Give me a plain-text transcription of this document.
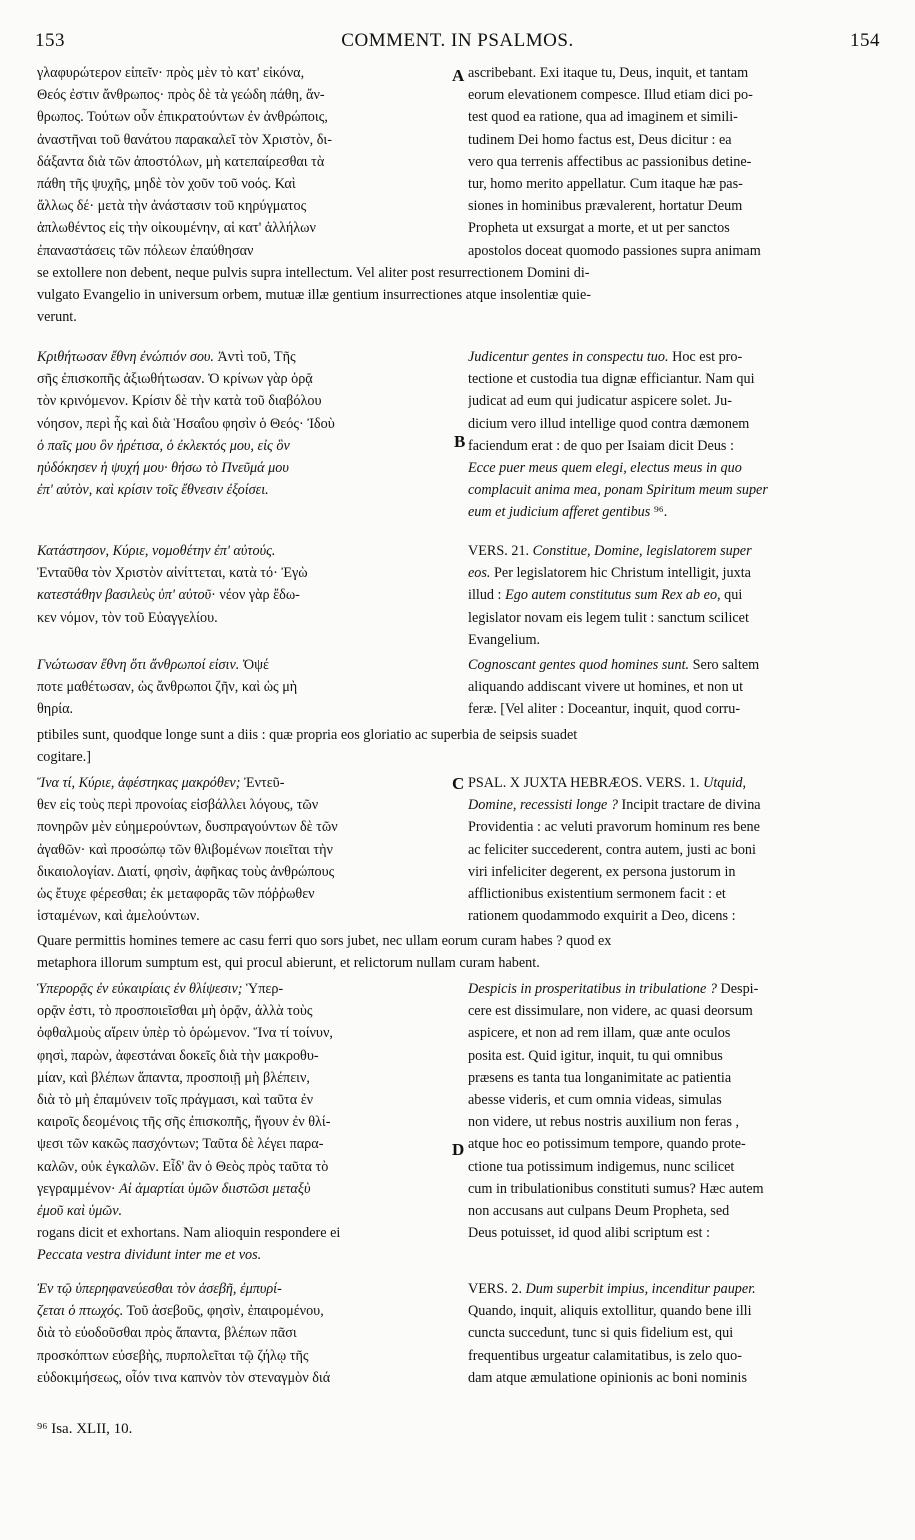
153	COMMENT. IN PSALMOS.	154
A
B
C
D
γλαφυρώτερον εἰπεῖν· πρὸς μὲν τὸ κατ' εἰκόνα,
Θεός ἐστιν ἄνθρωπος· πρὸς δὲ τὰ γεώδη πάθη, ἄν-
θρωπος. Τούτων οὖν ἐπικρατούντων ἐν ἀνθρώποις,
ἀναστῆναι τοῦ θανάτου παρακαλεῖ τὸν Χριστὸν, δι-
δάξαντα διὰ τῶν ἀποστόλων, μὴ κατεπαίρεσθαι τὰ
πάθη τῆς ψυχῆς, μηδὲ τὸν χοῦν τοῦ νοός. Καὶ
ἄλλως δέ· μετὰ τὴν ἀνάστασιν τοῦ κηρύγματος
ἁπλωθέντος εἰς τὴν οἰκουμένην, αἱ κατ' ἀλλήλων
ἐπαναστάσεις τῶν πόλεων ἐπαύθησαν
ascribebant. Exi itaque tu, Deus, inquit, et tantam
eorum elevationem compesce. Illud etiam dici po-
test quod ea ratione, qua ad imaginem et simili-
tudinem Dei homo factus est, Deus dicitur : ea
vero qua terrenis affectibus ac passionibus detine-
tur, homo merito appellatur. Cum itaque hæ pas-
siones in hominibus prævalerent, hortatur Deum
Propheta ut exsurgat a morte, et ut per sanctos
apostolos doceat quomodo passiones supra animam
se extollere non debent, neque pulvis supra intellectum. Vel aliter post resurrectionem Domini di-
vulgato Evangelio in universum orbem, mutuæ illæ gentium insurrectiones atque insolentiæ quie-
verunt.
Κριθήτωσαν ἔθνη ἐνώπιόν σου. Ἀντὶ τοῦ, Τῆς
σῆς ἐπισκοπῆς ἀξιωθήτωσαν. Ὁ κρίνων γὰρ ὁρᾷ
τὸν κρινόμενον. Κρίσιν δὲ τὴν κατὰ τοῦ διαβόλου
νόησον, περὶ ἧς καὶ διὰ Ἡσαΐου φησὶν ὁ Θεός· Ἰδοὺ
ὁ παῖς μου ὃν ἡρέτισα, ὁ ἐκλεκτός μου, εἰς ὃν
ηὐδόκησεν ἡ ψυχή μου· θήσω τὸ Πνεῦμά μου
ἐπ' αὐτὸν, καὶ κρίσιν τοῖς ἔθνεσιν ἐξοίσει.
Judicentur gentes in conspectu tuo. Hoc est pro-
tectione et custodia tua dignæ efficiantur. Nam qui
judicat ad eum qui judicatur aspicere solet. Ju-
dicium vero illud intellige quod contra dæmonem
faciendum erat : de quo per Isaiam dicit Deus :
Ecce puer meus quem elegi, electus meus in quo
complacuit anima mea, ponam Spiritum meum super
eum et judicium afferet gentibus ⁹⁶.
Κατάστησον, Κύριε, νομοθέτην ἐπ' αὐτούς.
Ἐνταῦθα τὸν Χριστὸν αἰνίττεται, κατὰ τό· Ἐγὼ
κατεστάθην βασιλεὺς ὑπ' αὐτοῦ· νέον γὰρ ἔδω-
κεν νόμον, τὸν τοῦ Εὐαγγελίου.
VERS. 21. Constitue, Domine, legislatorem super
eos. Per legislatorem hic Christum intelligit, juxta
illud : Ego autem constitutus sum Rex ab eo, qui
legislator novam eis legem tulit : sanctum scilicet
Evangelium.
Γνώτωσαν ἔθνη ὅτι ἄνθρωποί εἰσιν. Ὀψέ
ποτε μαθέτωσαν, ὡς ἄνθρωποι ζῆν, καὶ ὡς μὴ
θηρία.
Cognoscant gentes quod homines sunt. Sero saltem
aliquando addiscant vivere ut homines, et non ut
feræ. [Vel aliter : Doceantur, inquit, quod corru-
ptibiles sunt, quodque longe sunt a diis : quæ propria eos gloriatio ac superbia de seipsis suadet
cogitare.]
Ἵνα τί, Κύριε, ἀφέστηκας μακρόθεν; Ἐντεῦ-
θεν εἰς τοὺς περὶ προνοίας εἰσβάλλει λόγους, τῶν
πονηρῶν μὲν εὐημερούντων, δυσπραγούντων δὲ τῶν
ἀγαθῶν· καὶ προσώπῳ τῶν θλιβομένων ποιεῖται τὴν
δικαιολογίαν. Διατί, φησὶν, ἀφῆκας τοὺς ἀνθρώπους
ὡς ἔτυχε φέρεσθαι; ἐκ μεταφορᾶς τῶν πόῤῥωθεν
ἱσταμένων, καὶ ἀμελούντων.
PSAL. X JUXTA HEBRÆOS. VERS. 1. Utquid,
Domine, recessisti longe ? Incipit tractare de divina
Providentia : ac veluti pravorum hominum res bene
ac feliciter succederent, contra autem, justi ac boni
viri infeliciter degerent, ex persona justorum in
afflictionibus existentium sermonem facit : et
rationem quodammodo exquirit a Deo, dicens :
Quare permittis homines temere ac casu ferri quo sors jubet, nec ullam eorum curam habes ? quod ex
metaphora illorum sumptum est, qui procul abierunt, et relictorum nullam curam habent.
Ὑπερορᾷς ἐν εὐκαιρίαις ἐν θλίψεσιν; Ὑπερ-
ορᾷν ἐστι, τὸ προσποιεῖσθαι μὴ ὁρᾷν, ἀλλὰ τοὺς
ὀφθαλμοὺς αἴρειν ὑπὲρ τὸ ὁρώμενον. Ἵνα τί τοίνυν,
φησὶ, παρὼν, ἀφεστάναι δοκεῖς διὰ τὴν μακροθυ-
μίαν, καὶ βλέπων ἅπαντα, προσποιῇ μὴ βλέπειν,
διὰ τὸ μὴ ἐπαμύνειν τοῖς πράγμασι, καὶ ταῦτα ἐν
καιροῖς δεομένοις τῆς σῆς ἐπισκοπῆς, ἤγουν ἐν θλί-
ψεσι τῶν κακῶς πασχόντων; Ταῦτα δὲ λέγει παρα-
καλῶν, οὐκ ἐγκαλῶν. Εἶδ' ἂν ὁ Θεὸς πρὸς ταῦτα τὸ
γεγραμμένον· Αἱ ἁμαρτίαι ὑμῶν διιστῶσι μεταξὺ
ἐμοῦ καὶ ὑμῶν.
Despicis in prosperitatibus in tribulatione ? Despi-
cere est dissimulare, non videre, ac quasi deorsum
aspicere, et non ad rem illam, quæ ante oculos
posita est. Quid igitur, inquit, tu qui omnibus
præsens es tanta tua longanimitate ac patientia
abesse videris, et cum omnia videas, simulas
non videre, ut rebus nostris auxilium non feras ,
atque hoc eo potissimum tempore, quando prote-
ctione tua potissimum indigemus, nunc scilicet
cum in tribulationibus constituti sumus? Hæc autem
non accusans aut culpans Deum Propheta, sed
rogans dicit et exhortans. Nam alioquin respondere ei
Peccata vestra dividunt inter me et vos.
Deus potuisset, id quod alibi scriptum est :
Ἐν τῷ ὑπερηφανεύεσθαι τὸν ἀσεβῆ, ἐμπυρί-
ζεται ὁ πτωχός. Τοῦ ἀσεβοῦς, φησὶν, ἐπαιρομένου,
διὰ τὸ εὐοδοῦσθαι πρὸς ἅπαντα, βλέπων πᾶσι
προσκόπτων εὐσεβὴς, πυρπολεῖται τῷ ζήλῳ τῆς
εὐδοκιμήσεως, οἷόν τινα καπνὸν τὸν στεναγμὸν διά
VERS. 2. Dum superbit impius, incenditur pauper.
Quando, inquit, aliquis extollitur, quando bene illi
cuncta succedunt, tunc si quis fidelium est, qui
frequentibus urgeatur calamitatibus, is zelo quo-
dam atque æmulatione opinionis ac boni nominis
⁹⁶ Isa. XLII, 10.
